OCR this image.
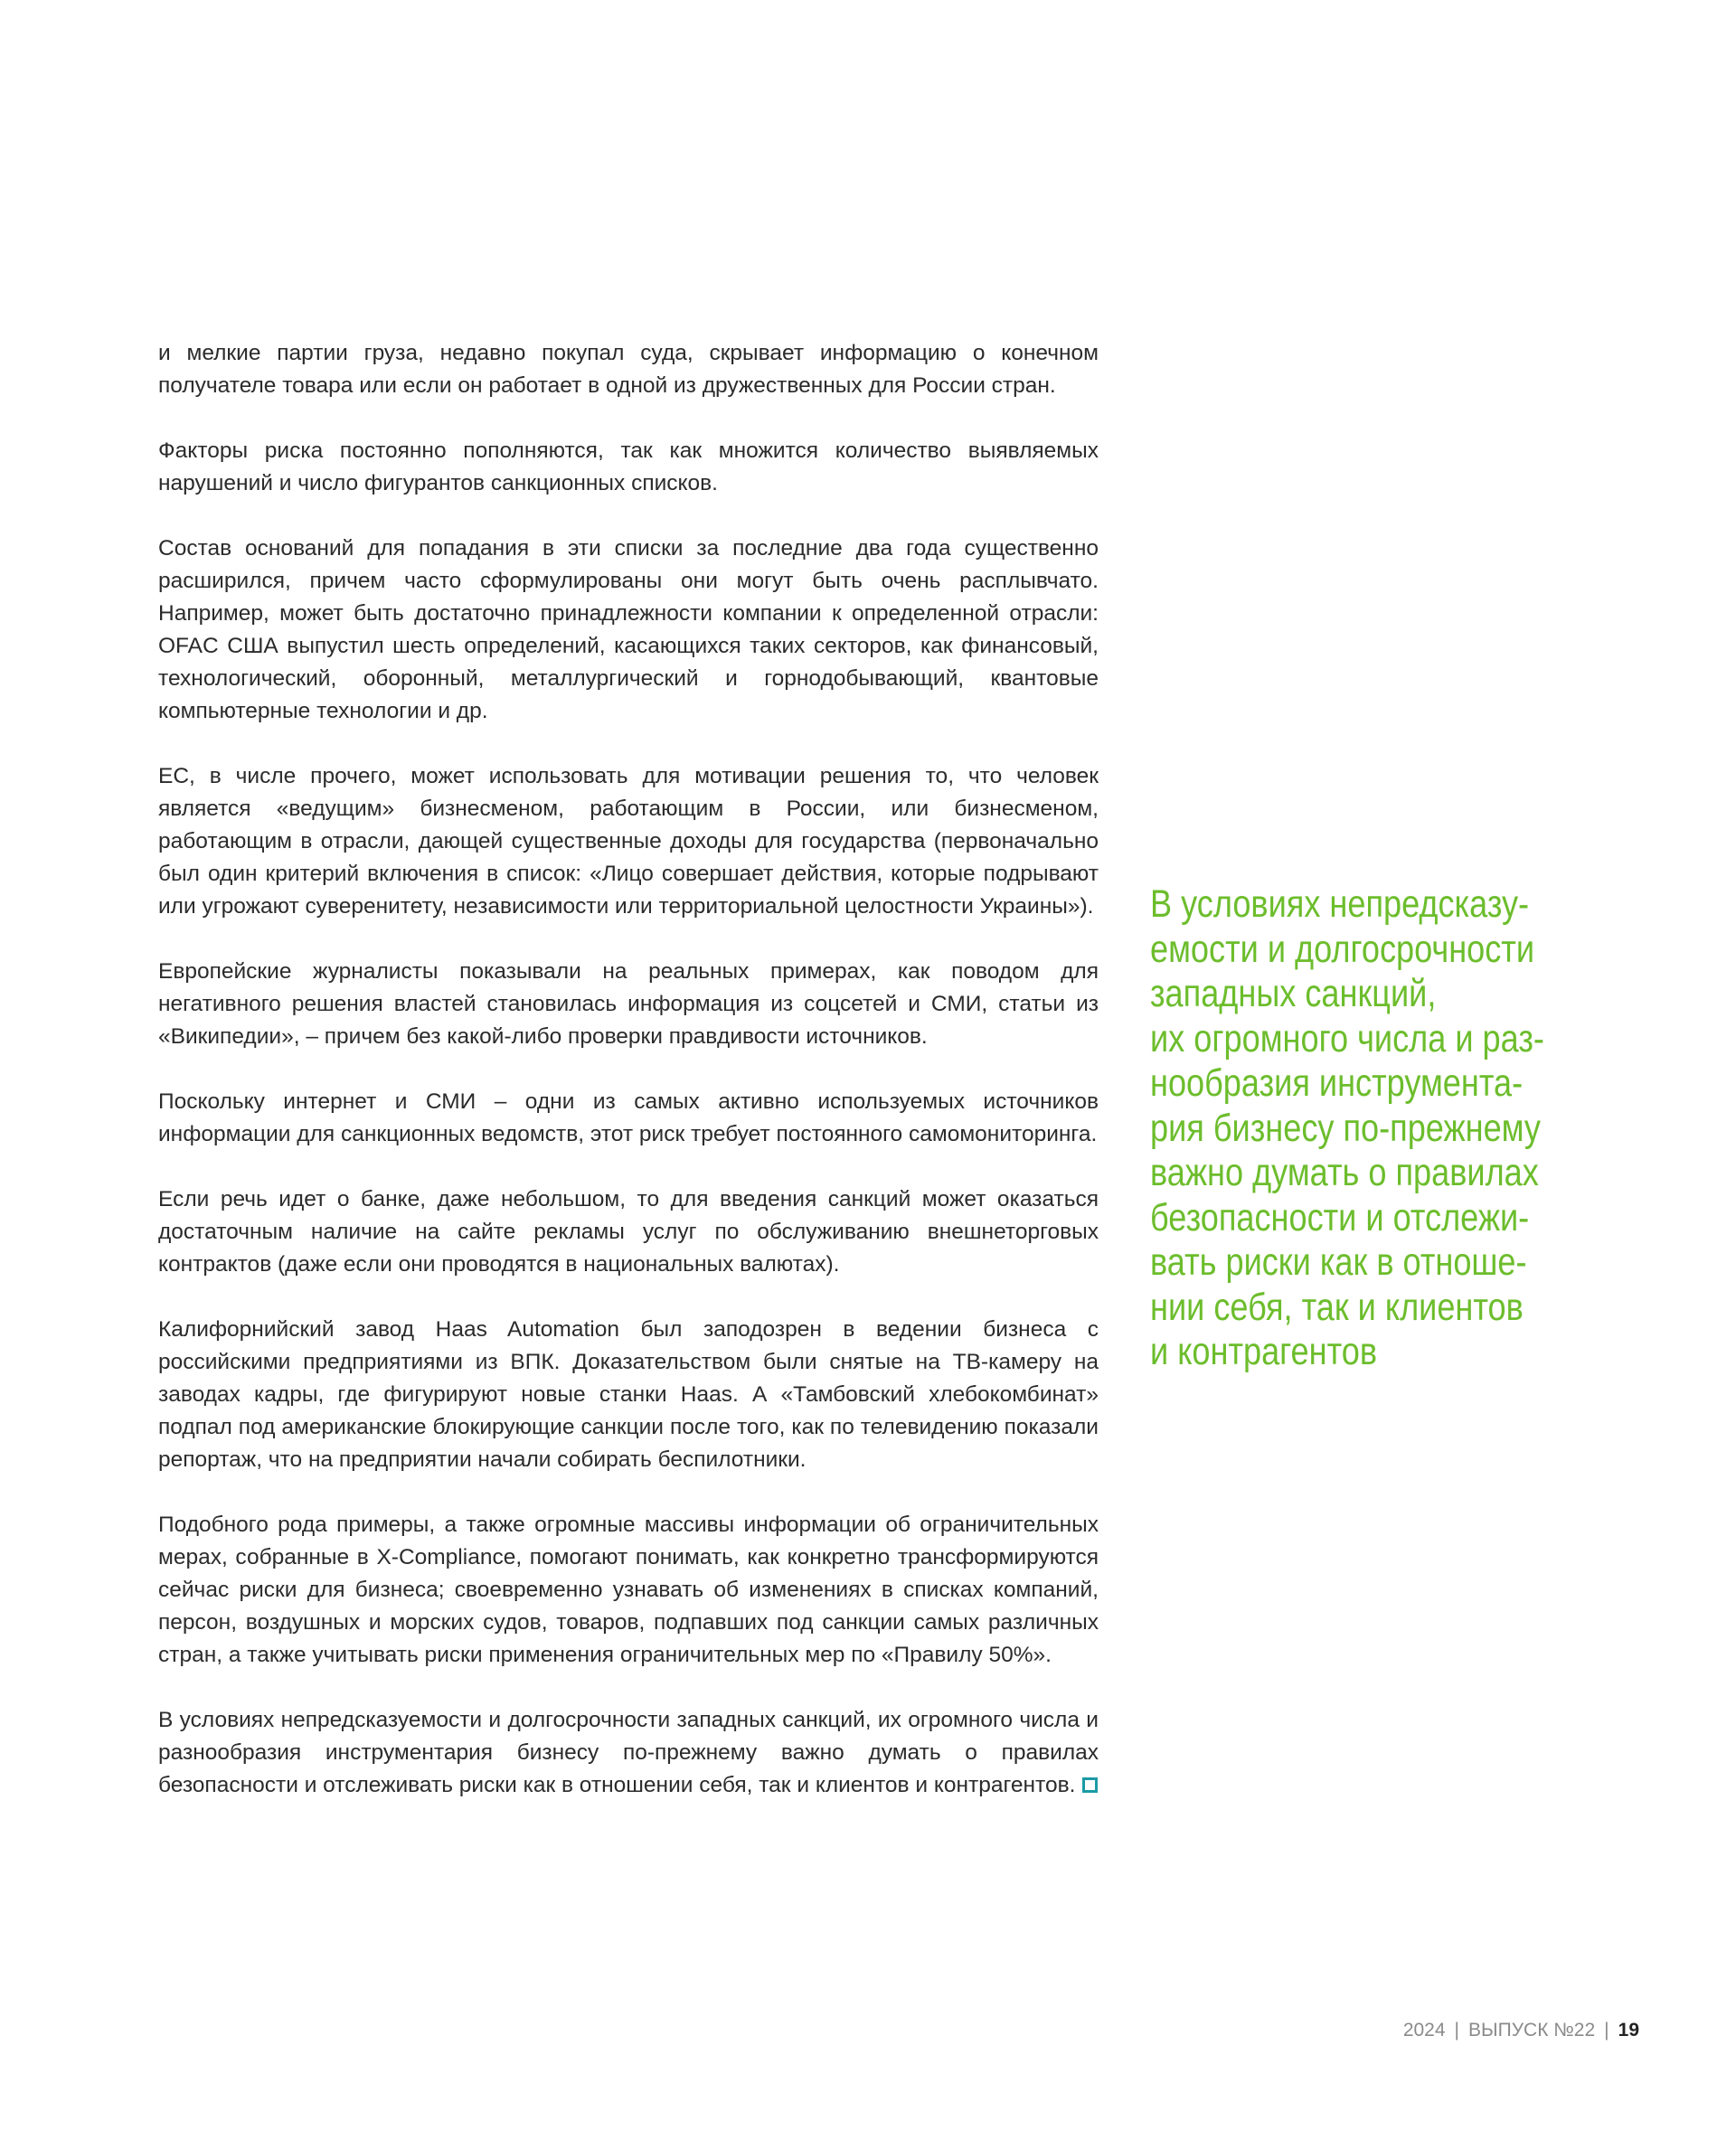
и мелкие партии груза, недавно покупал суда, скрывает информацию о конечном получателе товара или если он работает в одной из дружественных для России стран.

Факторы риска постоянно пополняются, так как множится количество выявляемых нарушений и число фигурантов санкционных списков.

Состав оснований для попадания в эти списки за последние два года существенно расширился, причем часто сформулированы они могут быть очень расплывчато. Например, может быть достаточно принадлежности компании к определенной отрасли: OFAC США выпустил шесть определений, касающихся таких секторов, как финансовый, технологический, оборонный, металлургический и горнодобывающий, квантовые компьютерные технологии и др.

ЕС, в числе прочего, может использовать для мотивации решения то, что человек является «ведущим» бизнесменом, работающим в России, или бизнесменом, работающим в отрасли, дающей существенные доходы для государства (первоначально был один критерий включения в список: «Лицо совершает действия, которые подрывают или угрожают суверенитету, независимости или территориальной целостности Украины»).

Европейские журналисты показывали на реальных примерах, как поводом для негативного решения властей становилась информация из соцсетей и СМИ, статьи из «Википедии», – причем без какой-либо проверки правдивости источников.

Поскольку интернет и СМИ – одни из самых активно используемых источников информации для санкционных ведомств, этот риск требует постоянного самомониторинга.

Если речь идет о банке, даже небольшом, то для введения санкций может оказаться достаточным наличие на сайте рекламы услуг по обслуживанию внешнеторговых контрактов (даже если они проводятся в национальных валютах).

Калифорнийский завод Haas Automation был заподозрен в ведении бизнеса с российскими предприятиями из ВПК. Доказательством были снятые на ТВ-камеру на заводах кадры, где фигурируют новые станки Haas. А «Тамбовский хлебокомбинат» подпал под американские блокирующие санкции после того, как по телевидению показали репортаж, что на предприятии начали собирать беспилотники.

Подобного рода примеры, а также огромные массивы информации об ограничительных мерах, собранные в X-Compliance, помогают понимать, как конкретно трансформируются сейчас риски для бизнеса; своевременно узнавать об изменениях в списках компаний, персон, воздушных и морских судов, товаров, подпавших под санкции самых различных стран, а также учитывать риски применения ограничительных мер по «Правилу 50%».

В условиях непредсказуемости и долгосрочности западных санкций, их огромного числа и разнообразия инструментария бизнесу по-прежнему важно думать о правилах безопасности и отслеживать риски как в отношении себя, так и клиентов и контрагентов.

В условиях непредсказу-
емости и долгосрочности
западных санкций,
их огромного числа и раз-
нообразия инструмента-
рия бизнесу по-прежнему
важно думать о правилах
безопасности и отслежи-
вать риски как в отноше-
нии себя, так и клиентов
и контрагентов
2024 | ВЫПУСК №22 | 19
